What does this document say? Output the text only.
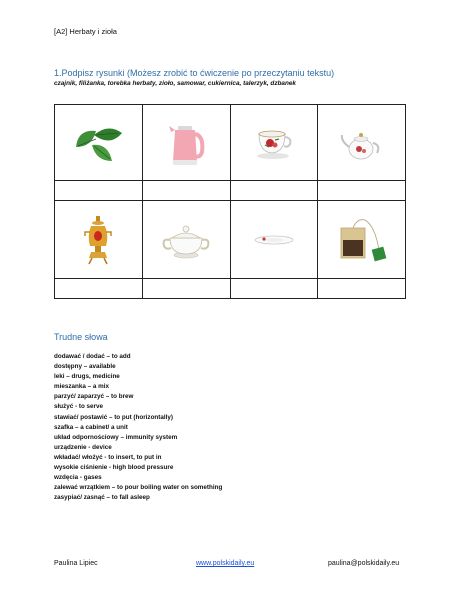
[A2] Herbaty i zioła
1.Podpisz rysunki (Możesz zrobić to ćwiczenie po przeczytaniu tekstu)
czajnik, filiżanka, torebka herbaty, zioło, samowar, cukiernica, talerzyk, dzbanek

Trudne słowa
dodawać / dodać – to add
dostępny – available
leki – drugs, medicine
mieszanka – a mix
parzyć/ zaparzyć – to brew
służyć - to serve
stawiać/ postawić – to put (horizontally)
szafka – a cabinet/ a unit
układ odpornościowy – immunity system
urządzenie - device
wkładać/ włożyć - to insert, to put in
wysokie ciśnienie - high blood pressure
wzdęcia - gases
zalewać wrzątkiem – to pour boiling water on something
zasypiać/ zasnąć – to fall asleep
Paulina Lipiec	www.polskidaily.eu	paulina@polskidaily.eu
